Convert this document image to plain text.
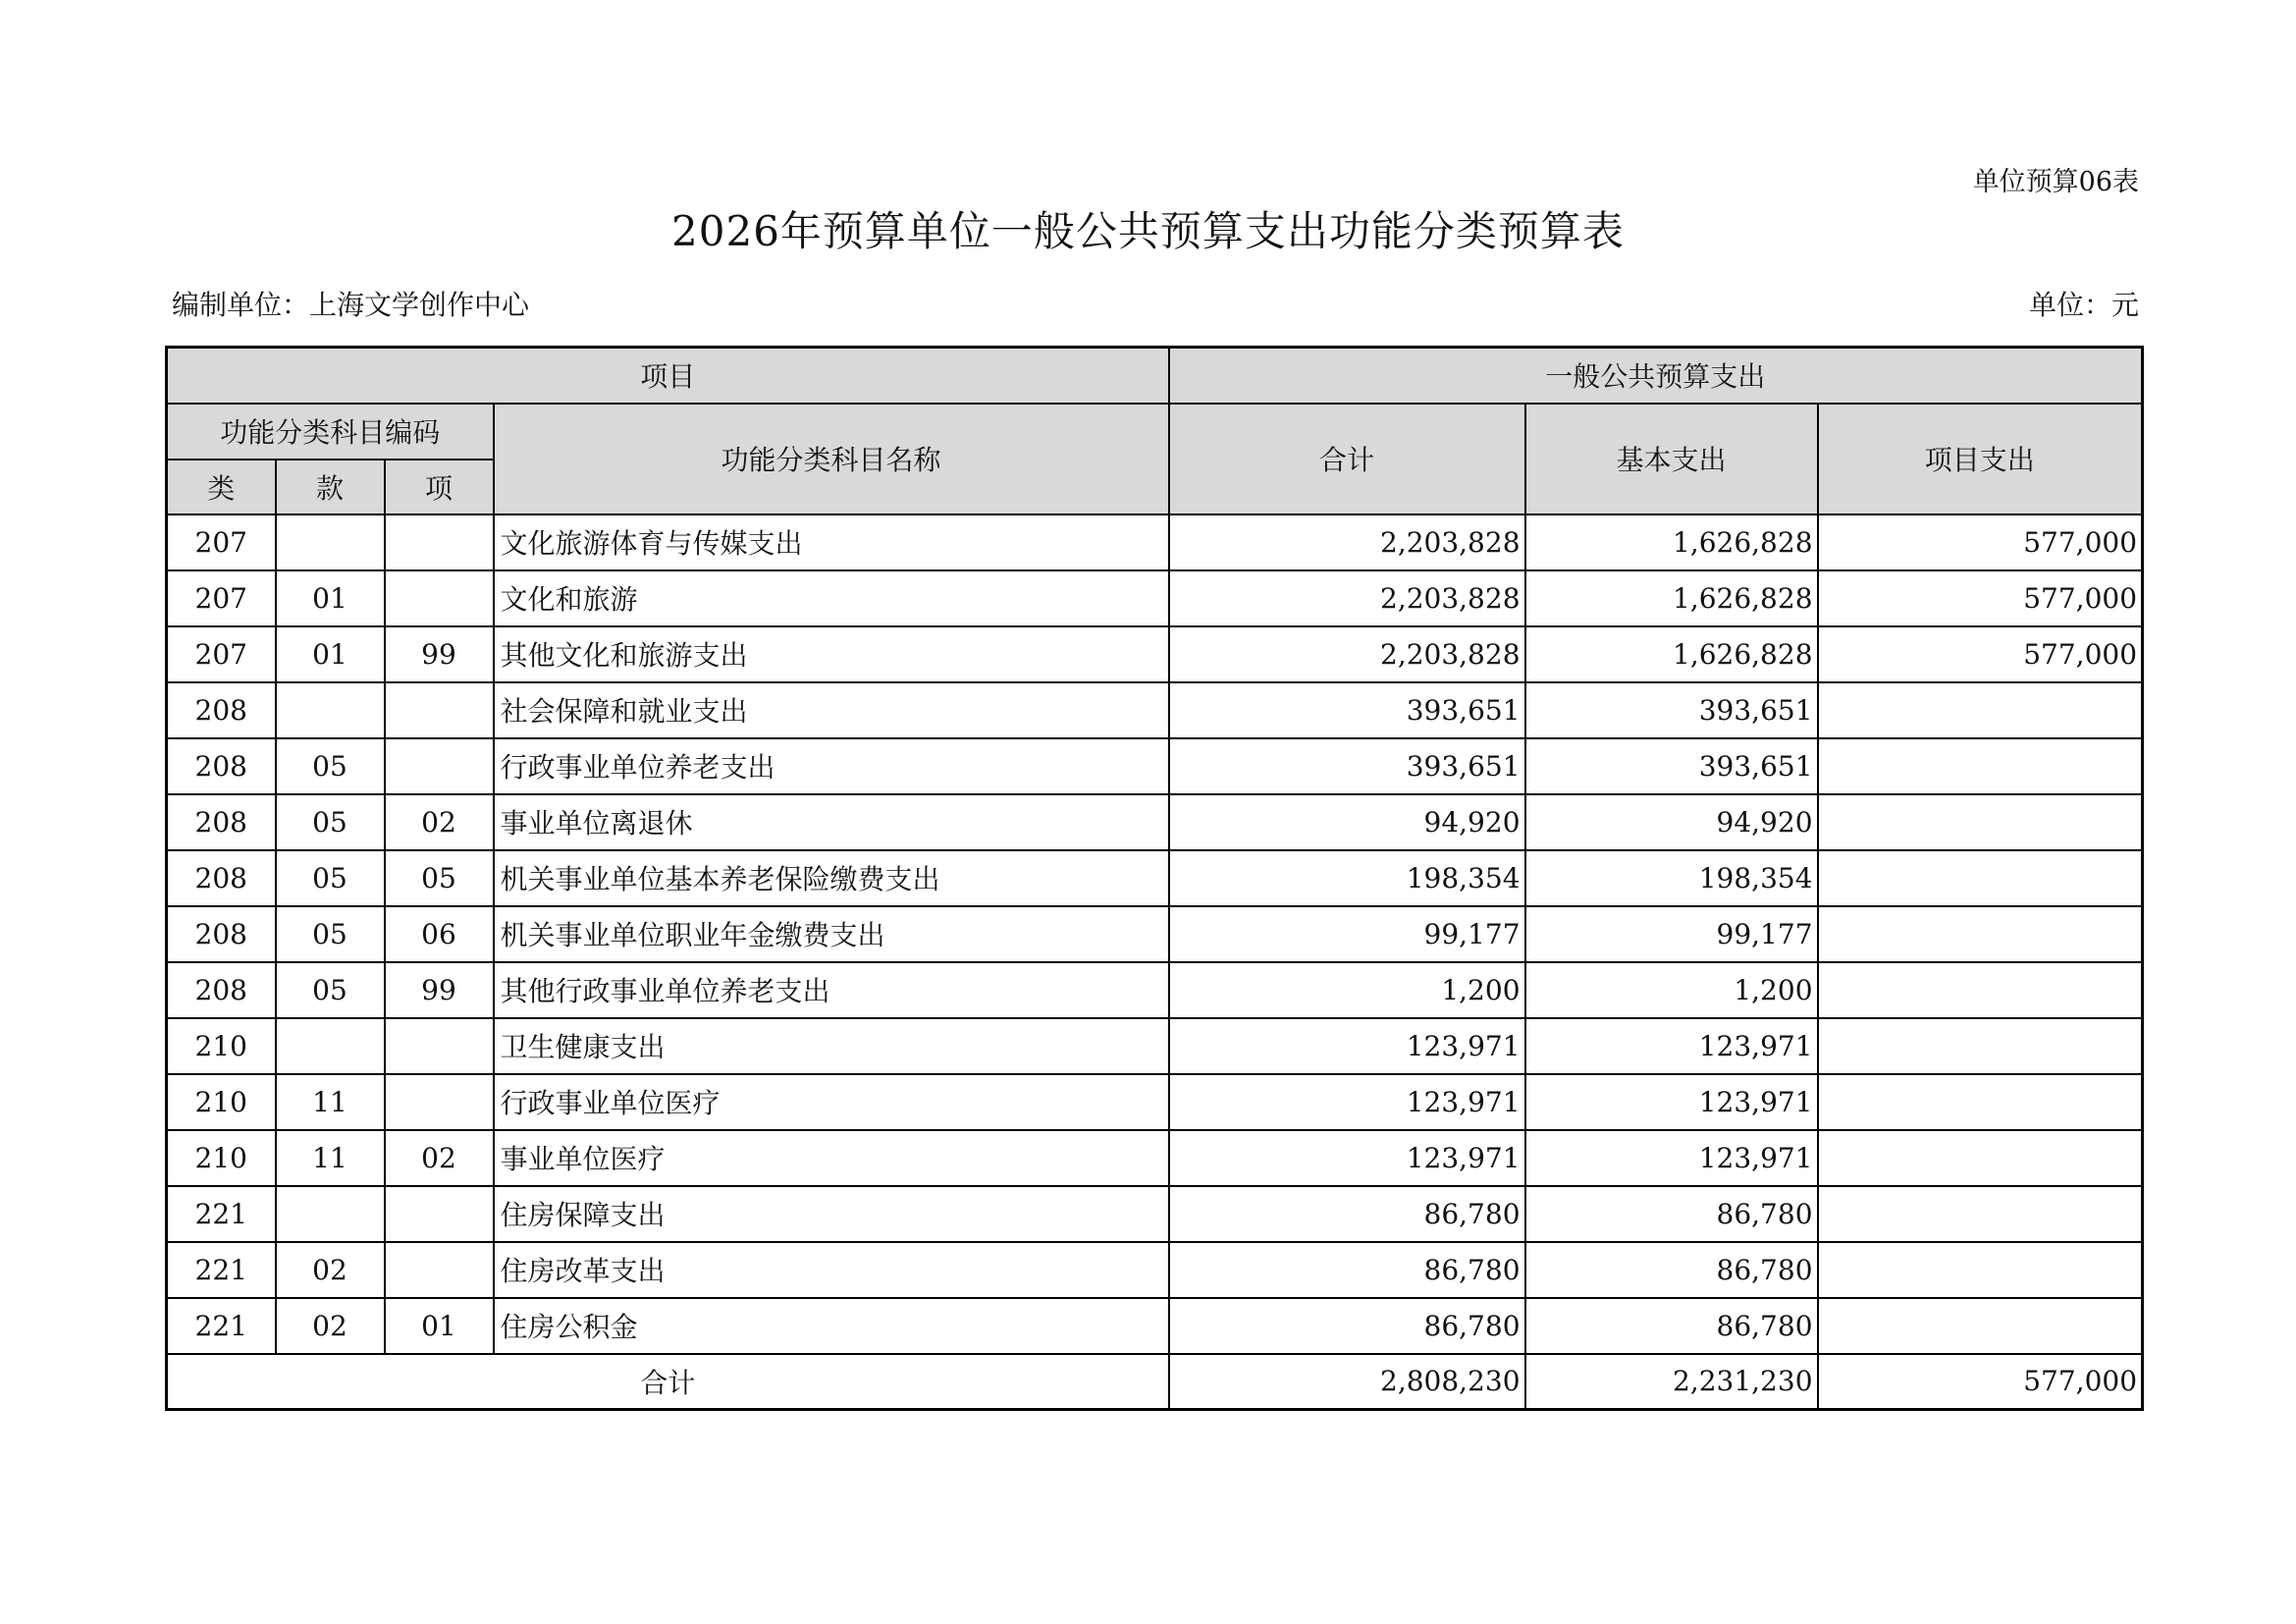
单位预算06表
2026年预算单位一般公共预算支出功能分类预算表
编制单位：上海文学创作中心	单位：元
项目				一般公共预算支出		
功能分类科目编码			功能分类科目名称	合计	基本支出	项目支出
类	款	项				
207			文化旅游体育与传媒支出	2,203,828	1,626,828	577,000
207	01		文化和旅游	2,203,828	1,626,828	577,000
207	01	99	其他文化和旅游支出	2,203,828	1,626,828	577,000
208			社会保障和就业支出	393,651	393,651	
208	05		行政事业单位养老支出	393,651	393,651	
208	05	02	事业单位离退休	94,920	94,920	
208	05	05	机关事业单位基本养老保险缴费支出	198,354	198,354	
208	05	06	机关事业单位职业年金缴费支出	99,177	99,177	
208	05	99	其他行政事业单位养老支出	1,200	1,200	
210			卫生健康支出	123,971	123,971	
210	11		行政事业单位医疗	123,971	123,971	
210	11	02	事业单位医疗	123,971	123,971	
221			住房保障支出	86,780	86,780	
221	02		住房改革支出	86,780	86,780	
221	02	01	住房公积金	86,780	86,780	
合计				2,808,230	2,231,230	577,000
